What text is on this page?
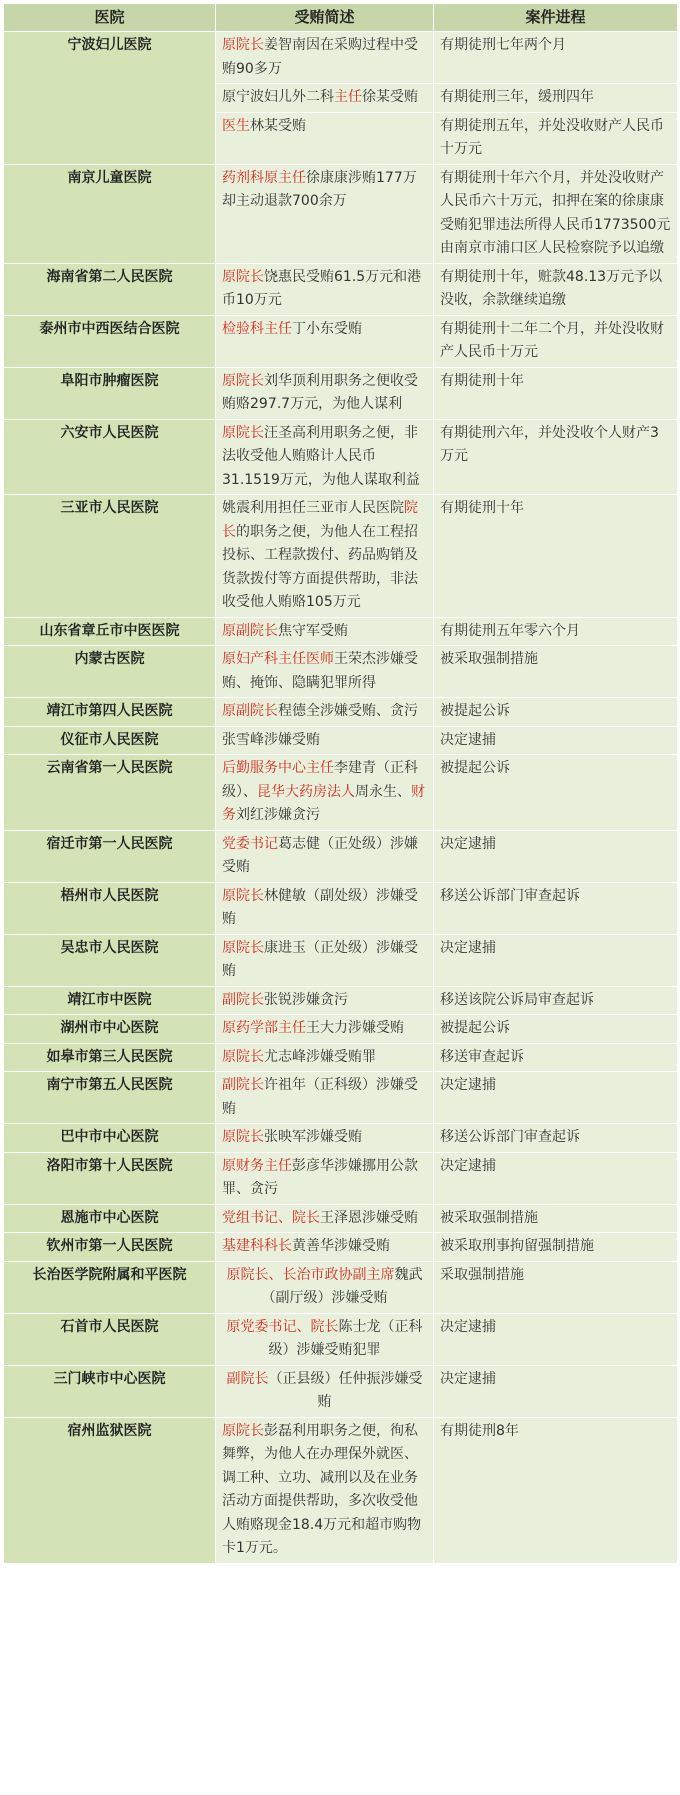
医院	受贿简述	案件进程
宁波妇儿医院	原院长姜智南因在采购过程中受贿90多万	有期徒刑七年两个月
	原宁波妇儿外二科主任徐某受贿	有期徒刑三年，缓刑四年
	医生林某受贿	有期徒刑五年，并处没收财产人民币十万元
南京儿童医院	药剂科原主任徐康康涉贿177万却主动退款700余万	有期徒刑十年六个月，并处没收财产人民币六十万元，扣押在案的徐康康受贿犯罪违法所得人民币1773500元由南京市浦口区人民检察院予以追缴
海南省第二人民医院	原院长饶惠民受贿61.5万元和港币10万元	有期徒刑十年，赃款48.13万元予以没收，余款继续追缴
泰州市中西医结合医院	检验科主任丁小东受贿	有期徒刑十二年二个月，并处没收财产人民币十万元
阜阳市肿瘤医院	原院长刘华顶利用职务之便收受贿赂297.7万元，为他人谋利	有期徒刑十年
六安市人民医院	原院长汪圣高利用职务之便，非法收受他人贿赂计人民币31.1519万元，为他人谋取利益	有期徒刑六年，并处没收个人财产3万元
三亚市人民医院	姚震利用担任三亚市人民医院院长的职务之便，为他人在工程招投标、工程款拨付、药品购销及货款拨付等方面提供帮助，非法收受他人贿赂105万元	有期徒刑十年
山东省章丘市中医医院	原副院长焦守军受贿	有期徒刑五年零六个月
内蒙古医院	原妇产科主任医师王荣杰涉嫌受贿、掩饰、隐瞒犯罪所得	被采取强制措施
靖江市第四人民医院	原副院长程德全涉嫌受贿、贪污	被提起公诉
仪征市人民医院	张雪峰涉嫌受贿	决定逮捕
云南省第一人民医院	后勤服务中心主任李建青（正科级）、昆华大药房法人周永生、财务刘红涉嫌贪污	被提起公诉
宿迁市第一人民医院	党委书记葛志健（正处级）涉嫌受贿	决定逮捕
梧州市人民医院	原院长林健敏（副处级）涉嫌受贿	移送公诉部门审查起诉
吴忠市人民医院	原院长康进玉（正处级）涉嫌受贿	决定逮捕
靖江市中医院	副院长张锐涉嫌贪污	移送该院公诉局审查起诉
湖州市中心医院	原药学部主任王大力涉嫌受贿	被提起公诉
如皋市第三人民医院	原院长尤志峰涉嫌受贿罪	移送审查起诉
南宁市第五人民医院	副院长许祖年（正科级）涉嫌受贿	决定逮捕
巴中市中心医院	原院长张映军涉嫌受贿	移送公诉部门审查起诉
洛阳市第十人民医院	原财务主任彭彦华涉嫌挪用公款罪、贪污	决定逮捕
恩施市中心医院	党组书记、院长王泽恩涉嫌受贿	被采取强制措施
钦州市第一人民医院	基建科科长黄善华涉嫌受贿	被采取刑事拘留强制措施
长治医学院附属和平医院	原院长、长治市政协副主席魏武（副厅级）涉嫌受贿	采取强制措施
石首市人民医院	原党委书记、院长陈士龙（正科级）涉嫌受贿犯罪	决定逮捕
三门峡市中心医院	副院长（正县级）任仲振涉嫌受贿	决定逮捕
宿州监狱医院	原院长彭磊利用职务之便，徇私舞弊，为他人在办理保外就医、调工种、立功、减刑以及在业务活动方面提供帮助，多次收受他人贿赂现金18.4万元和超市购物卡1万元。	有期徒刑8年
